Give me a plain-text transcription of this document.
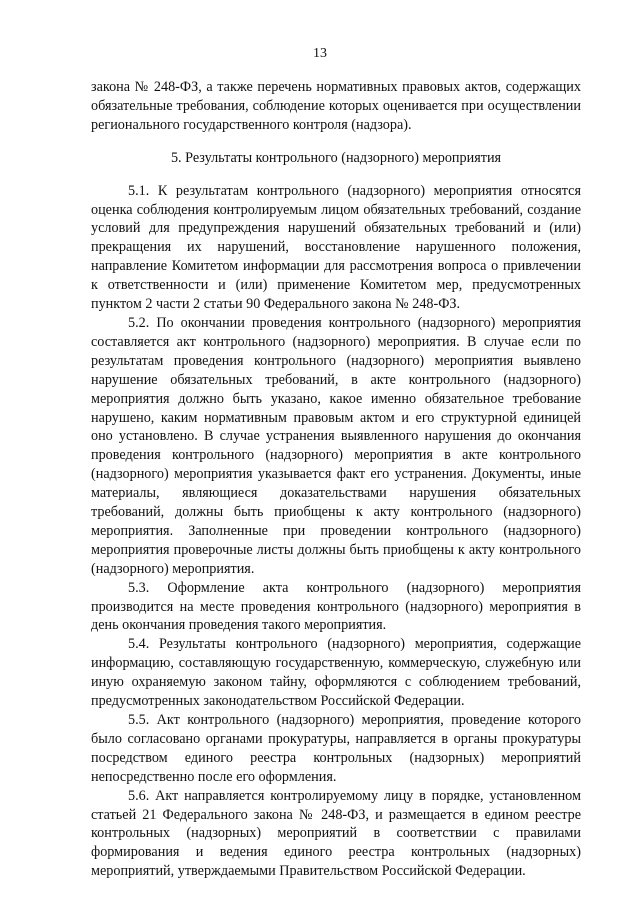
13

закона № 248-ФЗ, а также перечень нормативных правовых актов, содержащих обязательные требования, соблюдение которых оценивается при осуществлении регионального государственного контроля (надзора).

5. Результаты контрольного (надзорного) мероприятия

5.1. К результатам контрольного (надзорного) мероприятия относятся оценка соблюдения контролируемым лицом обязательных требований, создание условий для предупреждения нарушений обязательных требований и (или) прекращения их нарушений, восстановление нарушенного положения, направление Комитетом информации для рассмотрения вопроса о привлечении к ответственности и (или) применение Комитетом мер, предусмотренных пунктом 2 части 2 статьи 90 Федерального закона № 248-ФЗ.

5.2. По окончании проведения контрольного (надзорного) мероприятия составляется акт контрольного (надзорного) мероприятия. В случае если по результатам проведения контрольного (надзорного) мероприятия выявлено нарушение обязательных требований, в акте контрольного (надзорного) мероприятия должно быть указано, какое именно обязательное требование нарушено, каким нормативным правовым актом и его структурной единицей оно установлено. В случае устранения выявленного нарушения до окончания проведения контрольного (надзорного) мероприятия в акте контрольного (надзорного) мероприятия указывается факт его устранения. Документы, иные материалы, являющиеся доказательствами нарушения обязательных требований, должны быть приобщены к акту контрольного (надзорного) мероприятия. Заполненные при проведении контрольного (надзорного) мероприятия проверочные листы должны быть приобщены к акту контрольного (надзорного) мероприятия.

5.3. Оформление акта контрольного (надзорного) мероприятия производится на месте проведения контрольного (надзорного) мероприятия в день окончания проведения такого мероприятия.

5.4. Результаты контрольного (надзорного) мероприятия, содержащие информацию, составляющую государственную, коммерческую, служебную или иную охраняемую законом тайну, оформляются с соблюдением требований, предусмотренных законодательством Российской Федерации.

5.5. Акт контрольного (надзорного) мероприятия, проведение которого было согласовано органами прокуратуры, направляется в органы прокуратуры посредством единого реестра контрольных (надзорных) мероприятий непосредственно после его оформления.

5.6. Акт направляется контролируемому лицу в порядке, установленном статьей 21 Федерального закона № 248-ФЗ, и размещается в едином реестре контрольных (надзорных) мероприятий в соответствии с правилами формирования и ведения единого реестра контрольных (надзорных) мероприятий, утверждаемыми Правительством Российской Федерации.
